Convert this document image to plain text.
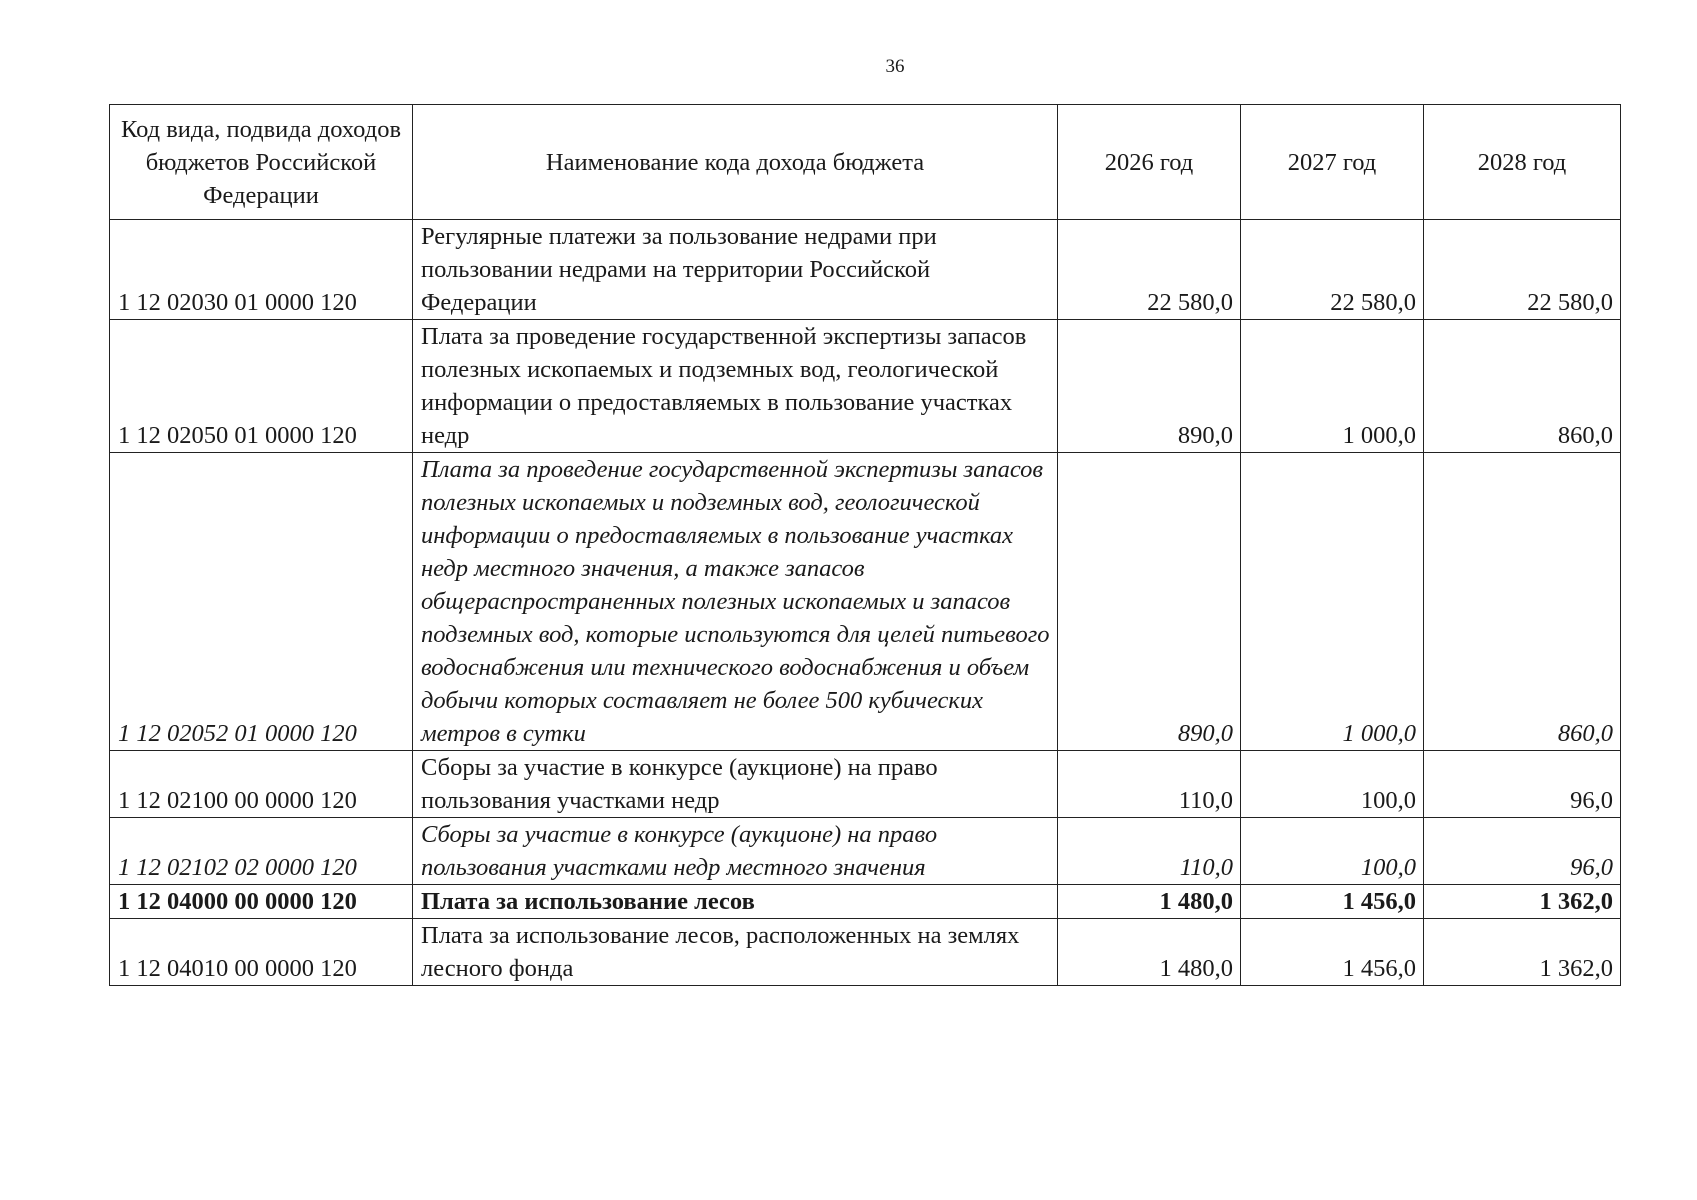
36
Код вида, подвида доходов бюджетов Российской Федерации	Наименование кода дохода бюджета	2026 год	2027 год	2028 год
1 12 02030 01 0000 120	Регулярные платежи за пользование недрами при пользовании недрами на территории Российской Федерации	22 580,0	22 580,0	22 580,0
1 12 02050 01 0000 120	Плата за проведение государственной экспертизы запасов полезных ископаемых и подземных вод, геологической информации о предоставляемых в пользование участках недр	890,0	1 000,0	860,0
1 12 02052 01 0000 120	Плата за проведение государственной экспертизы запасов полезных ископаемых и подземных вод, геологической информации о предоставляемых в пользование участках недр местного значения, а также запасов общераспространенных полезных ископаемых и запасов подземных вод, которые используются для целей питьевого водоснабжения или технического водоснабжения и объем добычи которых составляет не более 500 кубических метров в сутки	890,0	1 000,0	860,0
1 12 02100 00 0000 120	Сборы за участие в конкурсе (аукционе) на право пользования участками недр	110,0	100,0	96,0
1 12 02102 02 0000 120	Сборы за участие в конкурсе (аукционе) на право пользования участками недр местного значения	110,0	100,0	96,0
1 12 04000 00 0000 120	Плата за использование лесов	1 480,0	1 456,0	1 362,0
1 12 04010 00 0000 120	Плата за использование лесов, расположенных на землях лесного фонда	1 480,0	1 456,0	1 362,0
